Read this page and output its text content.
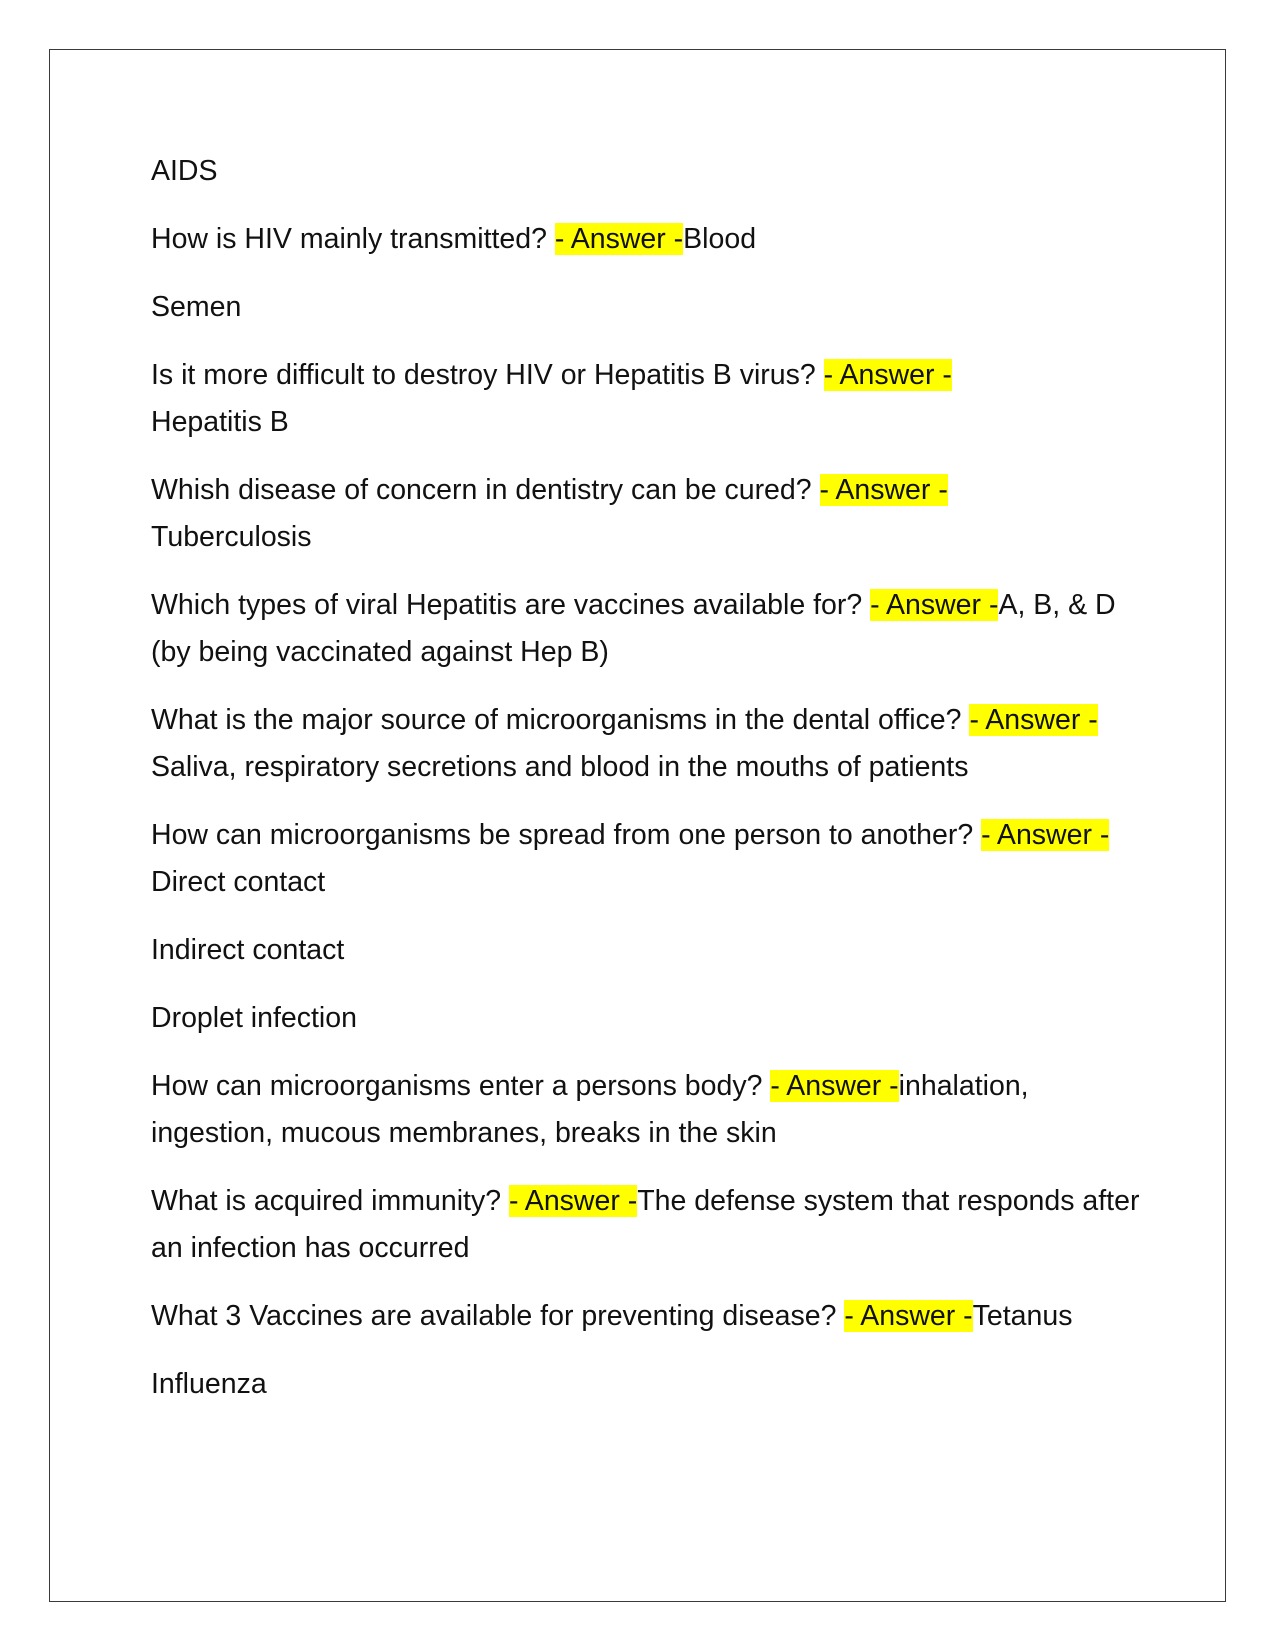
AIDS

How is HIV mainly transmitted? - Answer -Blood

Semen

Is it more difficult to destroy HIV or Hepatitis B virus? - Answer -
Hepatitis B

Whish disease of concern in dentistry can be cured? - Answer -
Tuberculosis

Which types of viral Hepatitis are vaccines available for? - Answer -A, B, & D (by being vaccinated against Hep B)

What is the major source of microorganisms in the dental office? - Answer -Saliva, respiratory secretions and blood in the mouths of patients

How can microorganisms be spread from one person to another? - Answer -Direct contact

Indirect contact

Droplet infection

How can microorganisms enter a persons body? - Answer -inhalation, ingestion, mucous membranes, breaks in the skin

What is acquired immunity? - Answer -The defense system that responds after an infection has occurred

What 3 Vaccines are available for preventing disease? - Answer -Tetanus

Influenza
